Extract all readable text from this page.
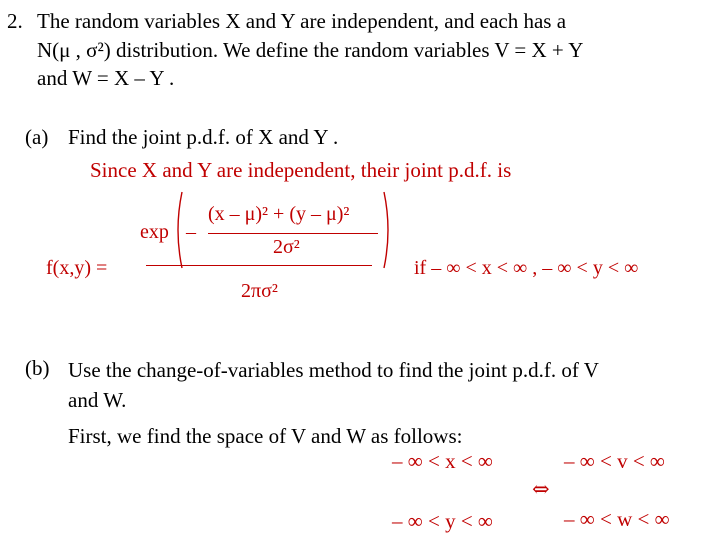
2. The random variables X and Y are independent, and each has a
N(μ , σ²) distribution. We define the random variables V = X + Y
and W = X – Y .
(a) Find the joint p.d.f. of X and Y .
Since X and Y are independent, their joint p.d.f. is
f(x,y) =
exp –
(x – μ)² + (y – μ)²
2σ²
2πσ²
if – ∞ < x < ∞ , – ∞ < y < ∞
(b) Use the change-of-variables method to find the joint p.d.f. of V
and W.
First, we find the space of V and W as follows:
– ∞ < x < ∞
– ∞ < y < ∞
⇔
– ∞ < v < ∞
– ∞ < w < ∞
